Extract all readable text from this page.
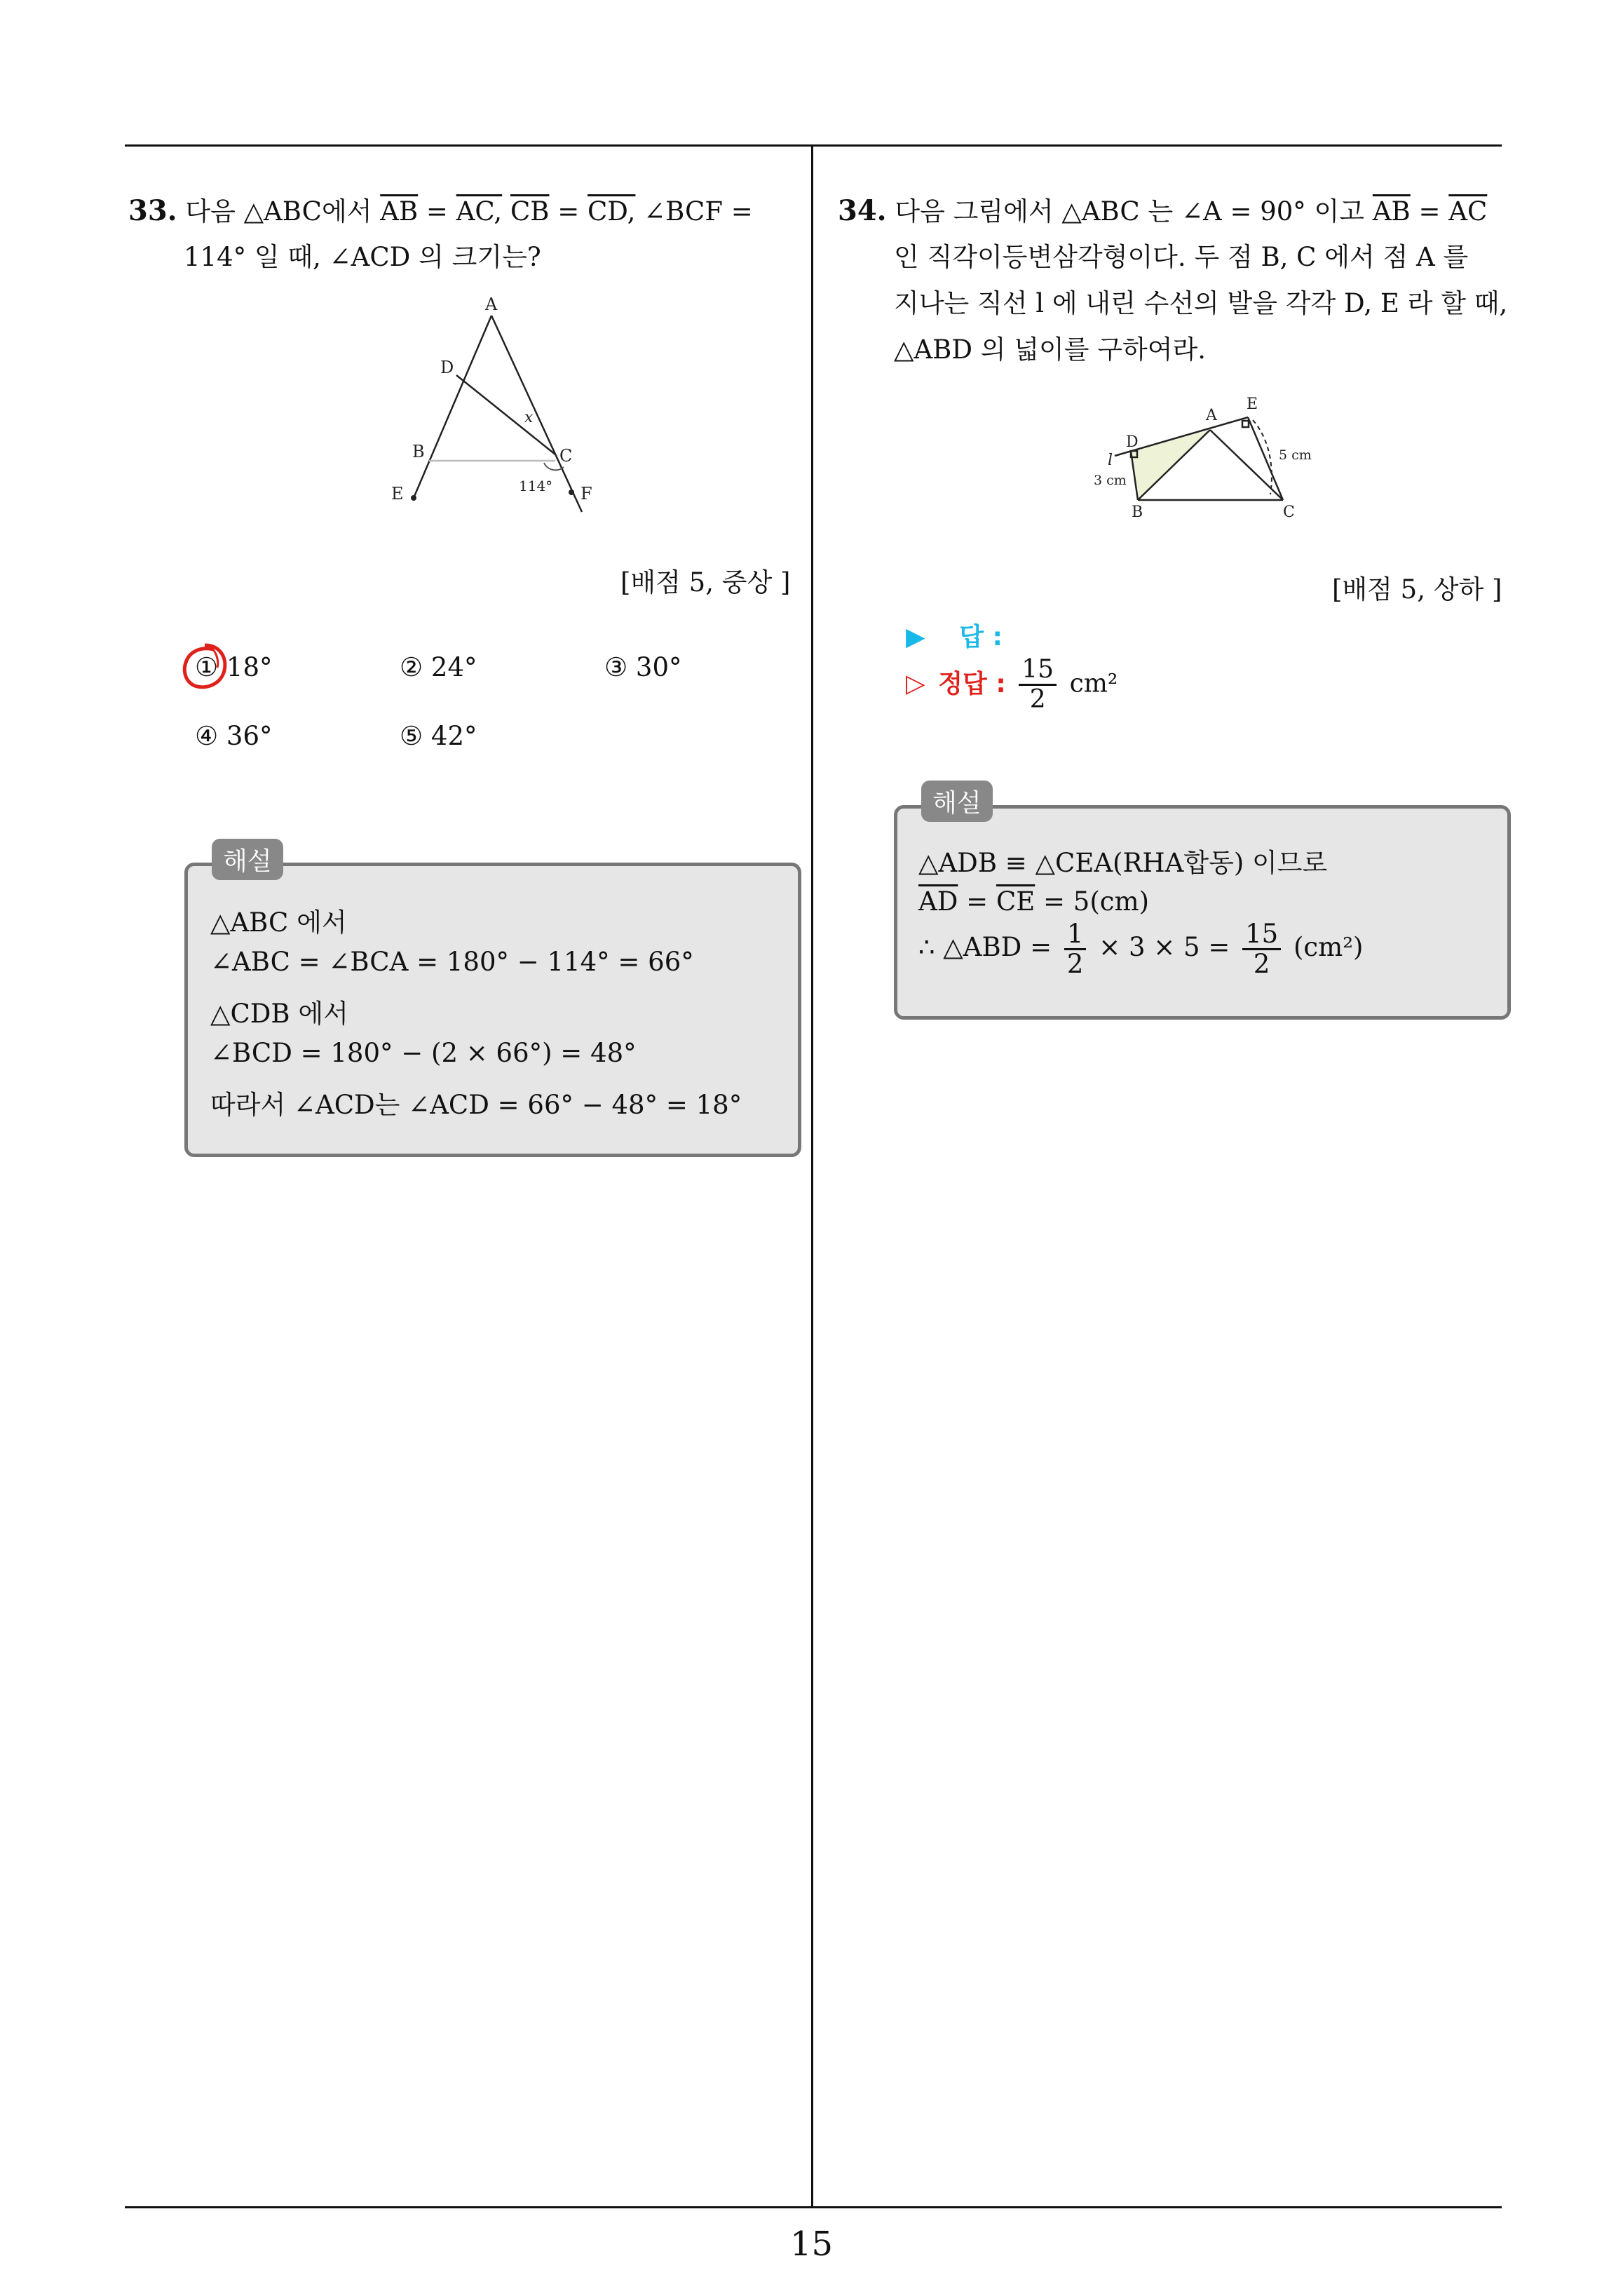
33. 다음 △ABC에서 $\overline{AB}$ = AC, $\overline{CB}$ = CD, ∠BCF =
114° 일 때, ∠ACD 의 크기는?
A
D
B	C
E	F
x
114°
[배점 5, 중상 ]
① 18°	② 24°	③ 30°
④ 36°	⑤ 42°
해설
△ABC 에서
∠ABC = ∠BCA = 180° − 114° = 66°
△CDB 에서
∠BCD = 180° − (2 × 66°) = 48°
따라서 ∠ACD는 ∠ACD = 66° − 48° = 18°
34. 다음 그림에서 △ABC 는 ∠A = 90° 이고 $\overline{AB} = \overline{AC}$
인 직각이등변삼각형이다. 두 점 B, C 에서 점 A 를
지나는 직선 l 에 내린 수선의 발을 각각 D, E 라 할 때,
△ABD 의 넓이를 구하여라.
A
E
D
l
B	C
3 cm
5 cm
[배점 5, 상하 ]
▶ 답 :
▷ 정답 : $\frac{15}{2} cm^2$
해설
△ADB ≡ △CEA(RHA합동) 이므로
$\overline{AD} = \overline{CE} = 5(cm)$
∴ △ABD = $\frac{1}{2} \times 3 \times 5 = \frac{15}{2} (cm^2)$
15
